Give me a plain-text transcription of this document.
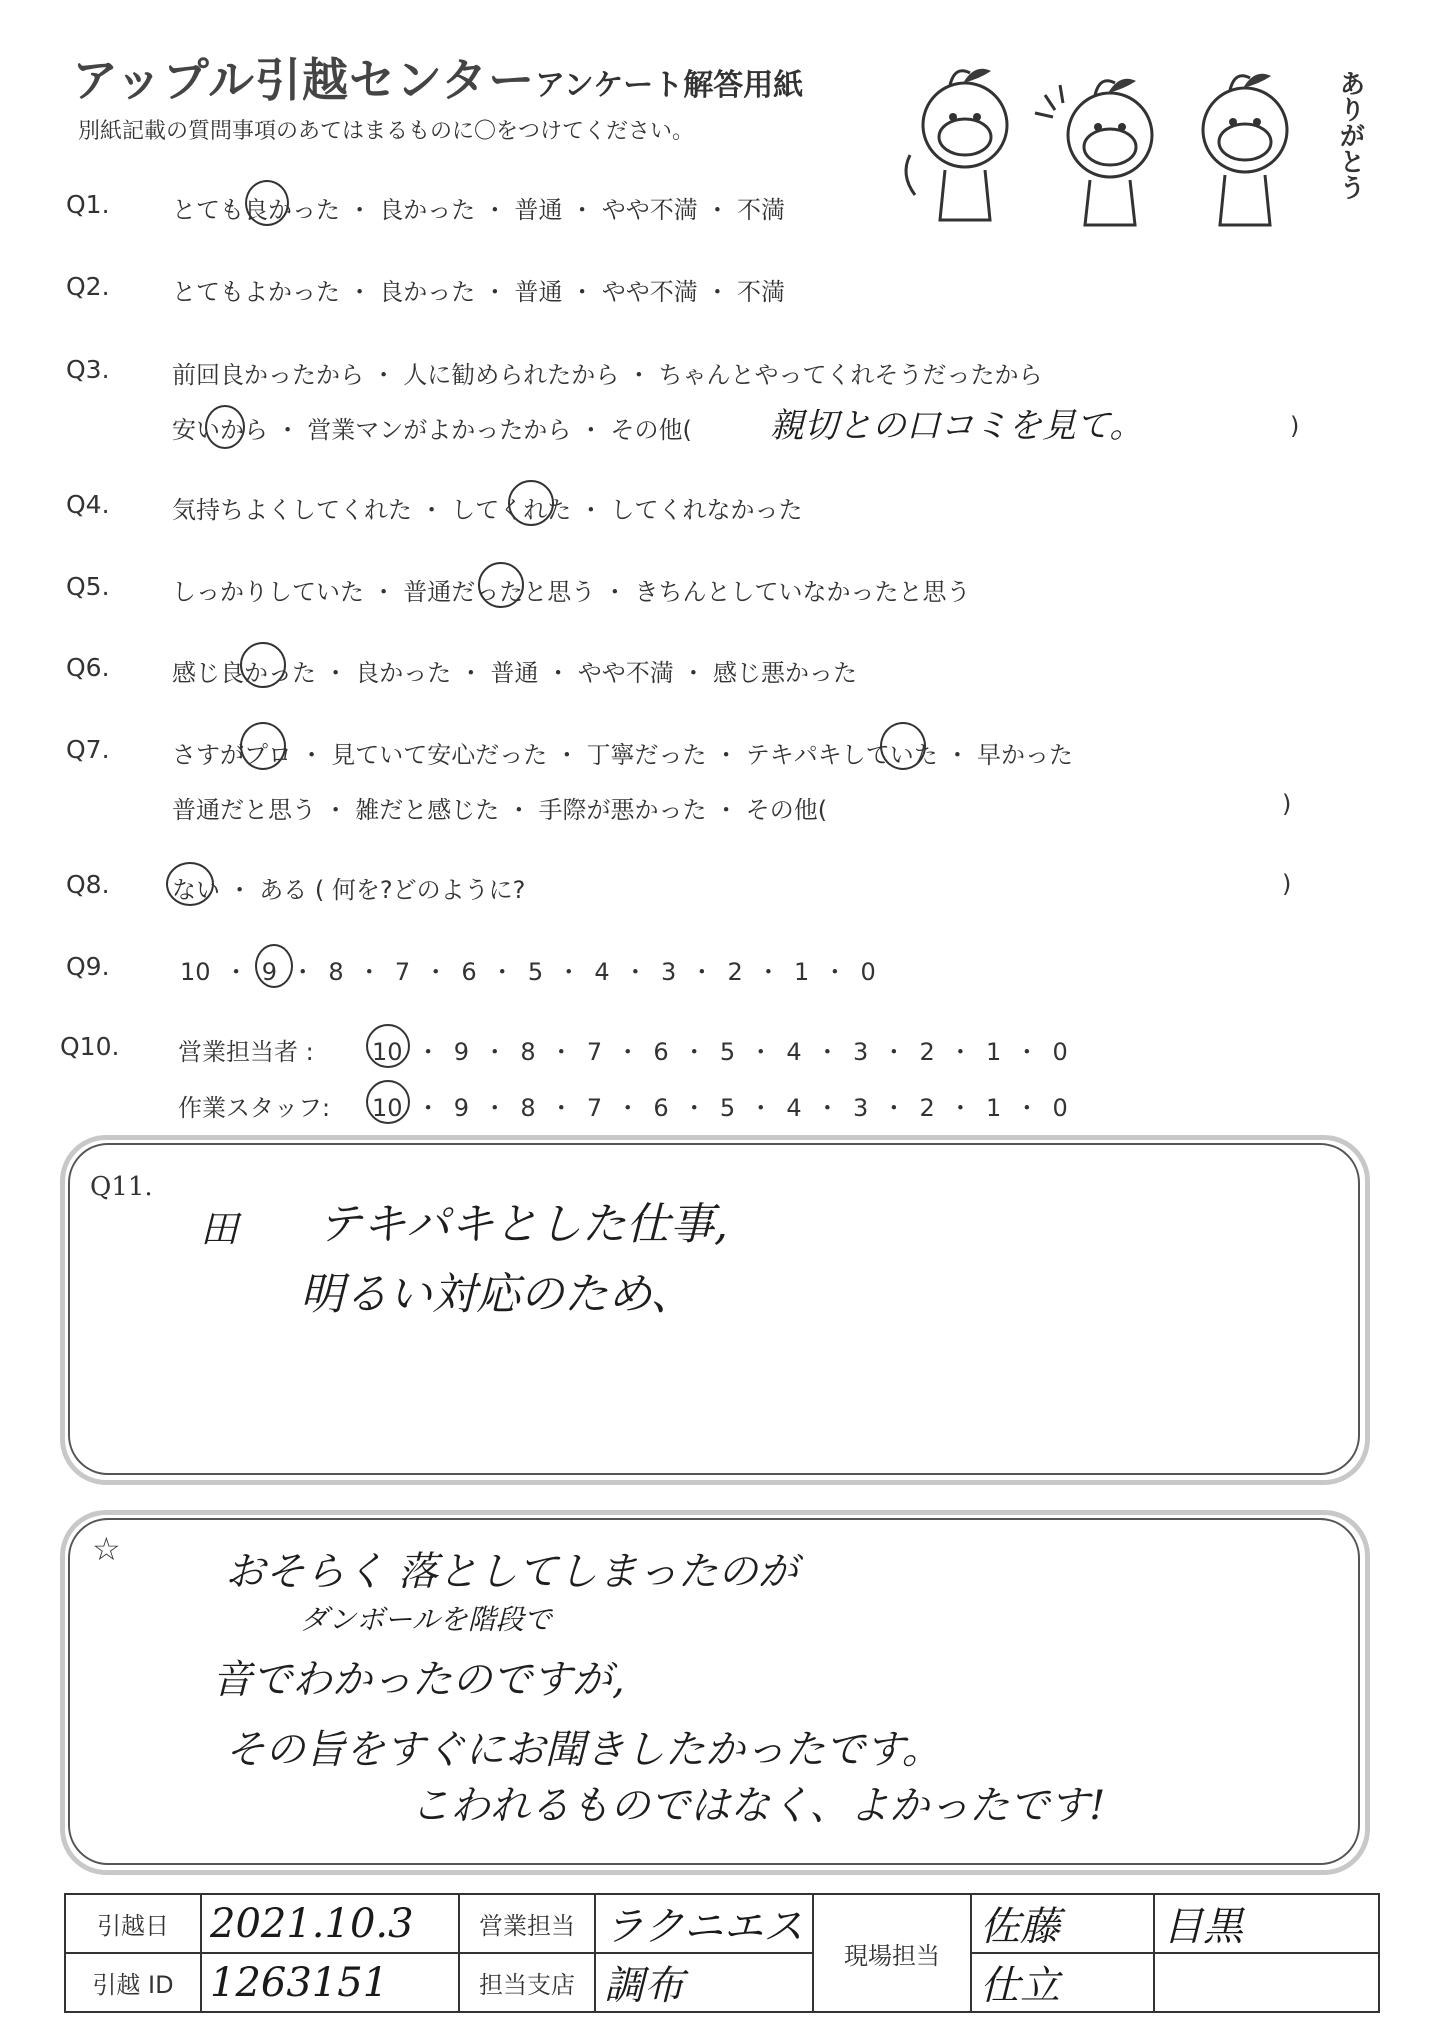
アップル引越センター アンケート解答用紙
別紙記載の質問事項のあてはまるものに〇をつけてください。	ありがとう
Q1.	とても良かった ・ 良かった ・ 普通 ・ やや不満 ・ 不満
Q2.	とてもよかった ・ 良かった ・ 普通 ・ やや不満 ・ 不満
Q3.	前回良かったから ・ 人に勧められたから ・ ちゃんとやってくれそうだったから
安いから ・ 営業マンがよかったから ・ その他( 親切との口コミを見て。	)
Q4.	気持ちよくしてくれた ・ してくれた ・ してくれなかった
Q5.	しっかりしていた ・ 普通だったと思う ・ きちんとしていなかったと思う
Q6.	感じ良かった ・ 良かった ・ 普通 ・ やや不満 ・ 感じ悪かった
Q7.	さすがプロ ・ 見ていて安心だった ・ 丁寧だった ・ テキパキしていた ・ 早かった
普通だと思う ・ 雑だと感じた ・ 手際が悪かった ・ その他(	)
Q8.	ない ・ ある ( 何を?どのように?	)
Q9.	10 ・ 9 ・ 8 ・ 7 ・ 6 ・ 5 ・ 4 ・ 3 ・ 2 ・ 1 ・ 0
Q10. 営業担当者 : 10 ・ 9 ・ 8 ・ 7 ・ 6 ・ 5 ・ 4 ・ 3 ・ 2 ・ 1 ・ 0
作業スタッフ: 10 ・ 9 ・ 8 ・ 7 ・ 6 ・ 5 ・ 4 ・ 3 ・ 2 ・ 1 ・ 0
Q11.
田 テキパキとした仕事,
明るい対応のため、
☆	おそらく 落としてしまったのが
ダンボールを階段で
音でわかったのですが,
その旨をすぐにお聞きしたかったです。
こわれるものではなく、よかったです!
引越日	2021.10.3	営業担当	ラクニエス	現場担当	佐藤	目黒
引越 ID	1263151	担当支店	調布		仕立	
